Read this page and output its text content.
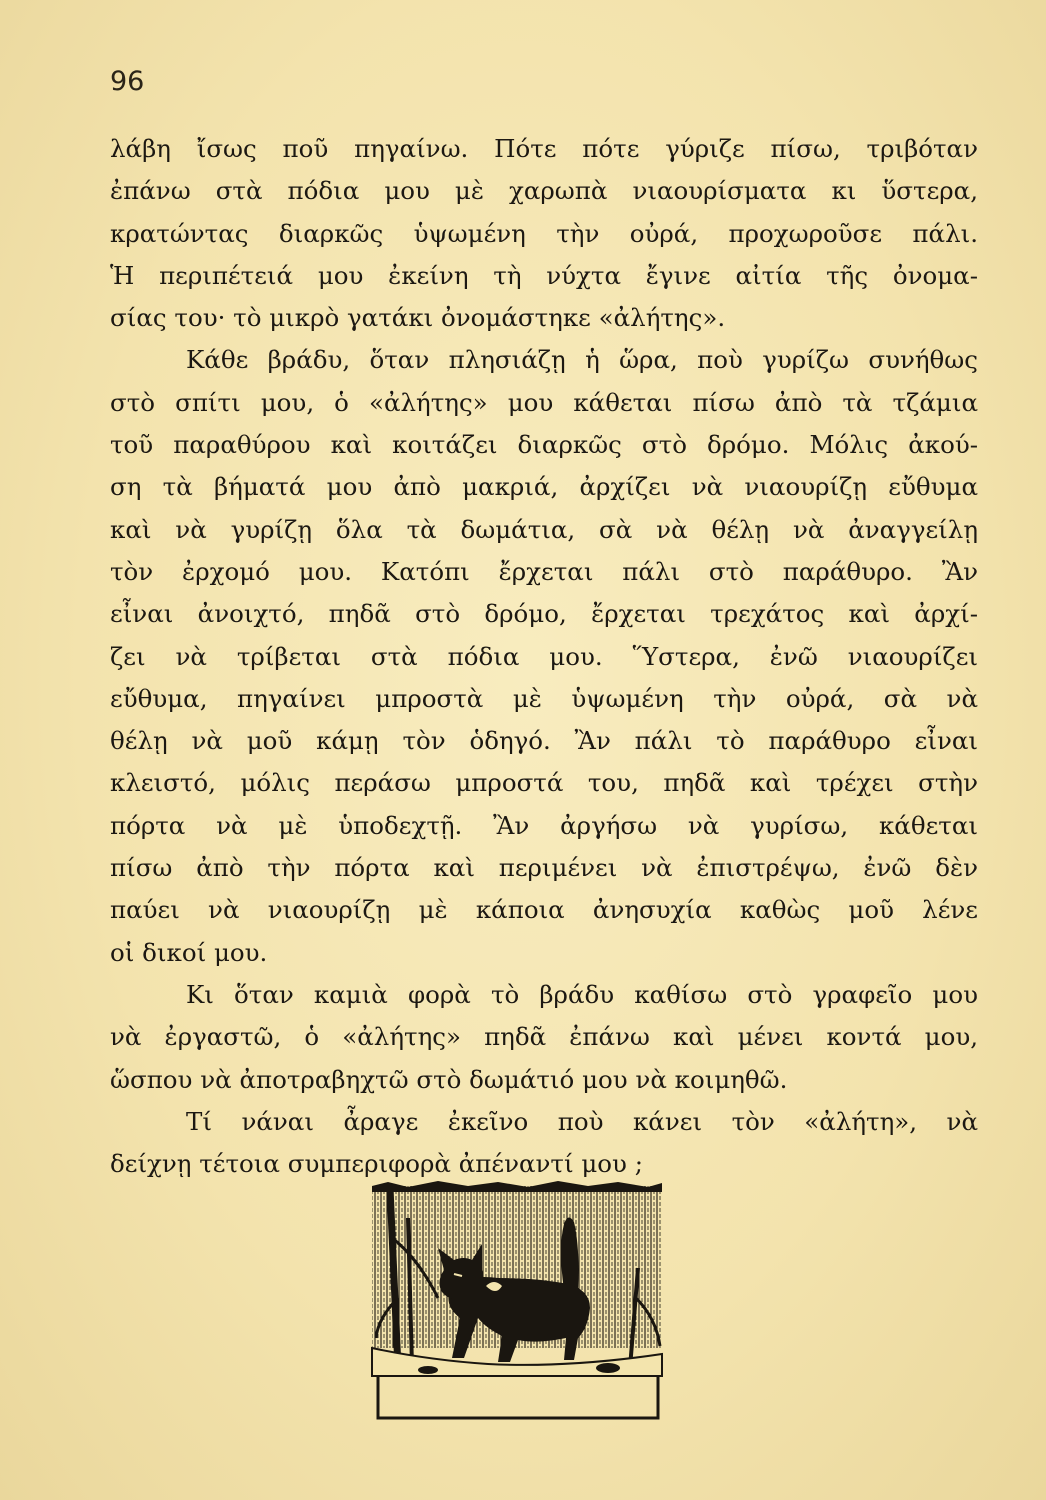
96
λάβη ἴσως ποῦ πηγαίνω. Πότε πότε γύριζε πίσω, τριβόταν
ἐπάνω στὰ πόδια μου μὲ χαρωπὰ νιαουρίσματα κι ὕστερα,
κρατώντας διαρκῶς ὑψωμένη τὴν οὐρά, προχωροῦσε πάλι.
Ἡ περιπέτειά μου ἐκείνη τὴ νύχτα ἔγινε αἰτία τῆς ὀνομα-
σίας του· τὸ μικρὸ γατάκι ὀνομάστηκε «ἀλήτης».
Κάθε βράδυ, ὅταν πλησιάζῃ ἡ ὥρα, ποὺ γυρίζω συνήθως
στὸ σπίτι μου, ὁ «ἀλήτης» μου κάθεται πίσω ἀπὸ τὰ τζάμια
τοῦ παραθύρου καὶ κοιτάζει διαρκῶς στὸ δρόμο. Μόλις ἀκού-
ση τὰ βήματά μου ἀπὸ μακριά, ἀρχίζει νὰ νιαουρίζῃ εὔθυμα
καὶ νὰ γυρίζῃ ὅλα τὰ δωμάτια, σὰ νὰ θέλῃ νὰ ἀναγγείλῃ
τὸν ἐρχομό μου. Κατόπι ἔρχεται πάλι στὸ παράθυρο. Ἂν
εἶναι ἀνοιχτό, πηδᾶ στὸ δρόμο, ἔρχεται τρεχάτος καὶ ἀρχί-
ζει νὰ τρίβεται στὰ πόδια μου. Ὕστερα, ἐνῶ νιαουρίζει
εὔθυμα, πηγαίνει μπροστὰ μὲ ὑψωμένη τὴν οὐρά, σὰ νὰ
θέλῃ νὰ μοῦ κάμῃ τὸν ὁδηγό. Ἂν πάλι τὸ παράθυρο εἶναι
κλειστό, μόλις περάσω μπροστά του, πηδᾶ καὶ τρέχει στὴν
πόρτα νὰ μὲ ὑποδεχτῇ. Ἂν ἀργήσω νὰ γυρίσω, κάθεται
πίσω ἀπὸ τὴν πόρτα καὶ περιμένει νὰ ἐπιστρέψω, ἐνῶ δὲν
παύει νὰ νιαουρίζῃ μὲ κάποια ἀνησυχία καθὼς μοῦ λένε
οἱ δικοί μου.
Κι ὅταν καμιὰ φορὰ τὸ βράδυ καθίσω στὸ γραφεῖο μου
νὰ ἐργαστῶ, ὁ «ἀλήτης» πηδᾶ ἐπάνω καὶ μένει κοντά μου,
ὥσπου νὰ ἀποτραβηχτῶ στὸ δωμάτιό μου νὰ κοιμηθῶ.
Τί νάναι ἆραγε ἐκεῖνο ποὺ κάνει τὸν «ἀλήτη», νὰ
δείχνῃ τέτοια συμπεριφορὰ ἀπέναντί μου ;
